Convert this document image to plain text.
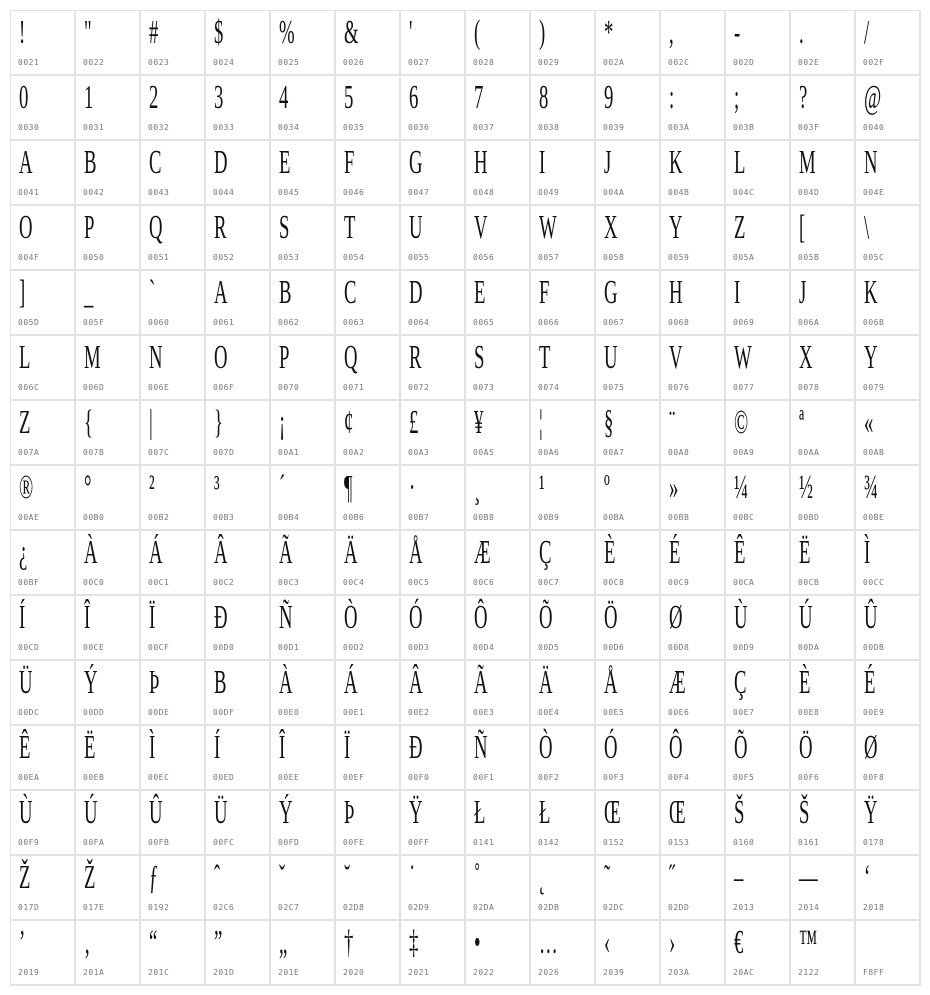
!
0021
"
0022
#
0023
$
0024
%
0025
&
0026
'
0027
(
0028
)
0029
*
002A
,
002C
-
002D
.
002E
/
002F
0
0030
1
0031
2
0032
3
0033
4
0034
5
0035
6
0036
7
0037
8
0038
9
0039
:
003A
;
003B
?
003F
@
0040
A
0041
B
0042
C
0043
D
0044
E
0045
F
0046
G
0047
H
0048
I
0049
J
004A
K
004B
L
004C
M
004D
N
004E
O
004F
P
0050
Q
0051
R
0052
S
0053
T
0054
U
0055
V
0056
W
0057
X
0058
Y
0059
Z
005A
[
005B
\
005C
]
005D
_
005F
`
0060
A
0061
B
0062
C
0063
D
0064
E
0065
F
0066
G
0067
H
0068
I
0069
J
006A
K
006B
L
006C
M
006D
N
006E
O
006F
P
0070
Q
0071
R
0072
S
0073
T
0074
U
0075
V
0076
W
0077
X
0078
Y
0079
Z
007A
{
007B
|
007C
}
007D
¡
00A1
¢
00A2
£
00A3
¥
00A5
¦
00A6
§
00A7
¨
00A8
©
00A9
ª
00AA
«
00AB
®
00AE
°
00B0
²
00B2
³
00B3
´
00B4
¶
00B6
·
00B7
¸
00B8
¹
00B9
º
00BA
»
00BB
¼
00BC
½
00BD
¾
00BE
¿
00BF
À
00C0
Á
00C1
Â
00C2
Ã
00C3
Ä
00C4
Å
00C5
Æ
00C6
Ç
00C7
È
00C8
É
00C9
Ê
00CA
Ë
00CB
Ì
00CC
Í
00CD
Î
00CE
Ï
00CF
Ð
00D0
Ñ
00D1
Ò
00D2
Ó
00D3
Ô
00D4
Õ
00D5
Ö
00D6
Ø
00D8
Ù
00D9
Ú
00DA
Û
00DB
Ü
00DC
Ý
00DD
Þ
00DE
B
00DF
À
00E0
Á
00E1
Â
00E2
Ã
00E3
Ä
00E4
Å
00E5
Æ
00E6
Ç
00E7
È
00E8
É
00E9
Ê
00EA
Ë
00EB
Ì
00EC
Í
00ED
Î
00EE
Ï
00EF
Ð
00F0
Ñ
00F1
Ò
00F2
Ó
00F3
Ô
00F4
Õ
00F5
Ö
00F6
Ø
00F8
Ù
00F9
Ú
00FA
Û
00FB
Ü
00FC
Ý
00FD
Þ
00FE
Ÿ
00FF
Ł
0141
Ł
0142
Œ
0152
Œ
0153
Š
0160
Š
0161
Ÿ
0178
Ž
017D
Ž
017E
ƒ
0192
ˆ
02C6
ˇ
02C7
˘
02D8
˙
02D9
˚
02DA
˛
02DB
˜
02DC
˝
02DD
–
2013
—
2014
‘
2018
’
2019
‚
201A
“
201C
”
201D
„
201E
†
2020
‡
2021
•
2022
…
2026
‹
2039
›
203A
€
20AC
™
2122	F8FF
